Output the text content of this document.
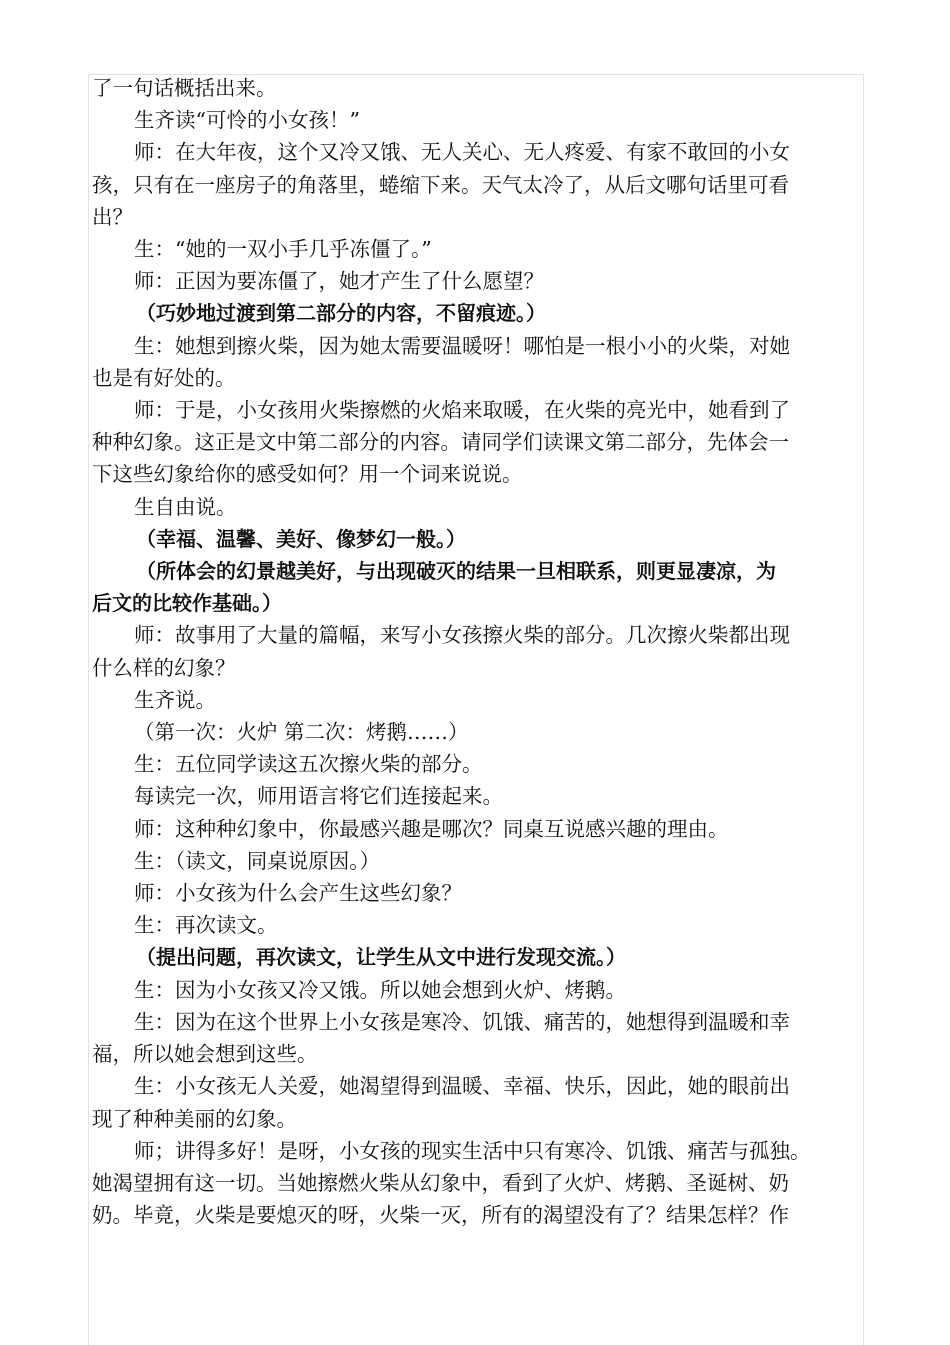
了一句话概括出来。
生齐读“可怜的小女孩！”
师：在大年夜，这个又冷又饿、无人关心、无人疼爱、有家不敢回的小女
孩，只有在一座房子的角落里，蜷缩下来。天气太冷了，从后文哪句话里可看
出？
生：“她的一双小手几乎冻僵了。”
师：正因为要冻僵了，她才产生了什么愿望？
（巧妙地过渡到第二部分的内容，不留痕迹。）
生：她想到擦火柴，因为她太需要温暖呀！哪怕是一根小小的火柴，对她
也是有好处的。
师：于是，小女孩用火柴擦燃的火焰来取暖，在火柴的亮光中，她看到了
种种幻象。这正是文中第二部分的内容。请同学们读课文第二部分，先体会一
下这些幻象给你的感受如何？用一个词来说说。
生自由说。
（幸福、温馨、美好、像梦幻一般。）
（所体会的幻景越美好，与出现破灭的结果一旦相联系，则更显凄凉，为
后文的比较作基础。）
师：故事用了大量的篇幅，来写小女孩擦火柴的部分。几次擦火柴都出现
什么样的幻象？
生齐说。
（第一次：火炉 第二次：烤鹅……）
生：五位同学读这五次擦火柴的部分。
每读完一次，师用语言将它们连接起来。
师：这种种幻象中，你最感兴趣是哪次？同桌互说感兴趣的理由。
生：（读文，同桌说原因。）
师：小女孩为什么会产生这些幻象？
生：再次读文。
（提出问题，再次读文，让学生从文中进行发现交流。）
生：因为小女孩又冷又饿。所以她会想到火炉、烤鹅。
生：因为在这个世界上小女孩是寒冷、饥饿、痛苦的，她想得到温暖和幸
福，所以她会想到这些。
生：小女孩无人关爱，她渴望得到温暖、幸福、快乐，因此，她的眼前出
现了种种美丽的幻象。
师；讲得多好！是呀，小女孩的现实生活中只有寒冷、饥饿、痛苦与孤独。
她渴望拥有这一切。当她擦燃火柴从幻象中，看到了火炉、烤鹅、圣诞树、奶
奶。毕竟，火柴是要熄灭的呀，火柴一灭，所有的渴望没有了？结果怎样？作
